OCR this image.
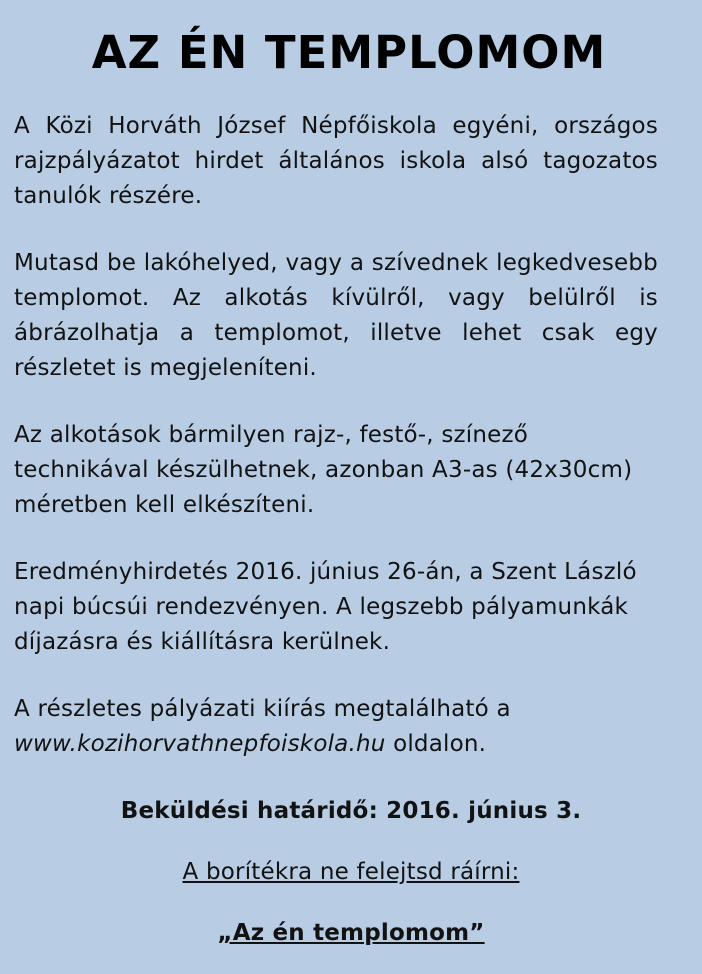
AZ ÉN TEMPLOMOM

A Közi Horváth József Népfőiskola egyéni, országos rajzpályázatot hirdet általános iskola alsó tagozatos tanulók részére.

Mutasd be lakóhelyed, vagy a szívednek legkedvesebb templomot. Az alkotás kívülről, vagy belülről is ábrázolhatja a templomot, illetve lehet csak egy részletet is megjeleníteni.

Az alkotások bármilyen rajz-, festő-, színező technikával készülhetnek, azonban A3-as (42x30cm) méretben kell elkészíteni.

Eredményhirdetés 2016. június 26-án, a Szent László napi búcsúi rendezvényen. A legszebb pályamunkák díjazásra és kiállításra kerülnek.

A részletes pályázati kiírás megtalálható a www.kozihorvathnepfoiskola.hu oldalon.

Beküldési határidő: 2016. június 3.

A borítékra ne felejtsd ráírni:

„Az én templomom”
